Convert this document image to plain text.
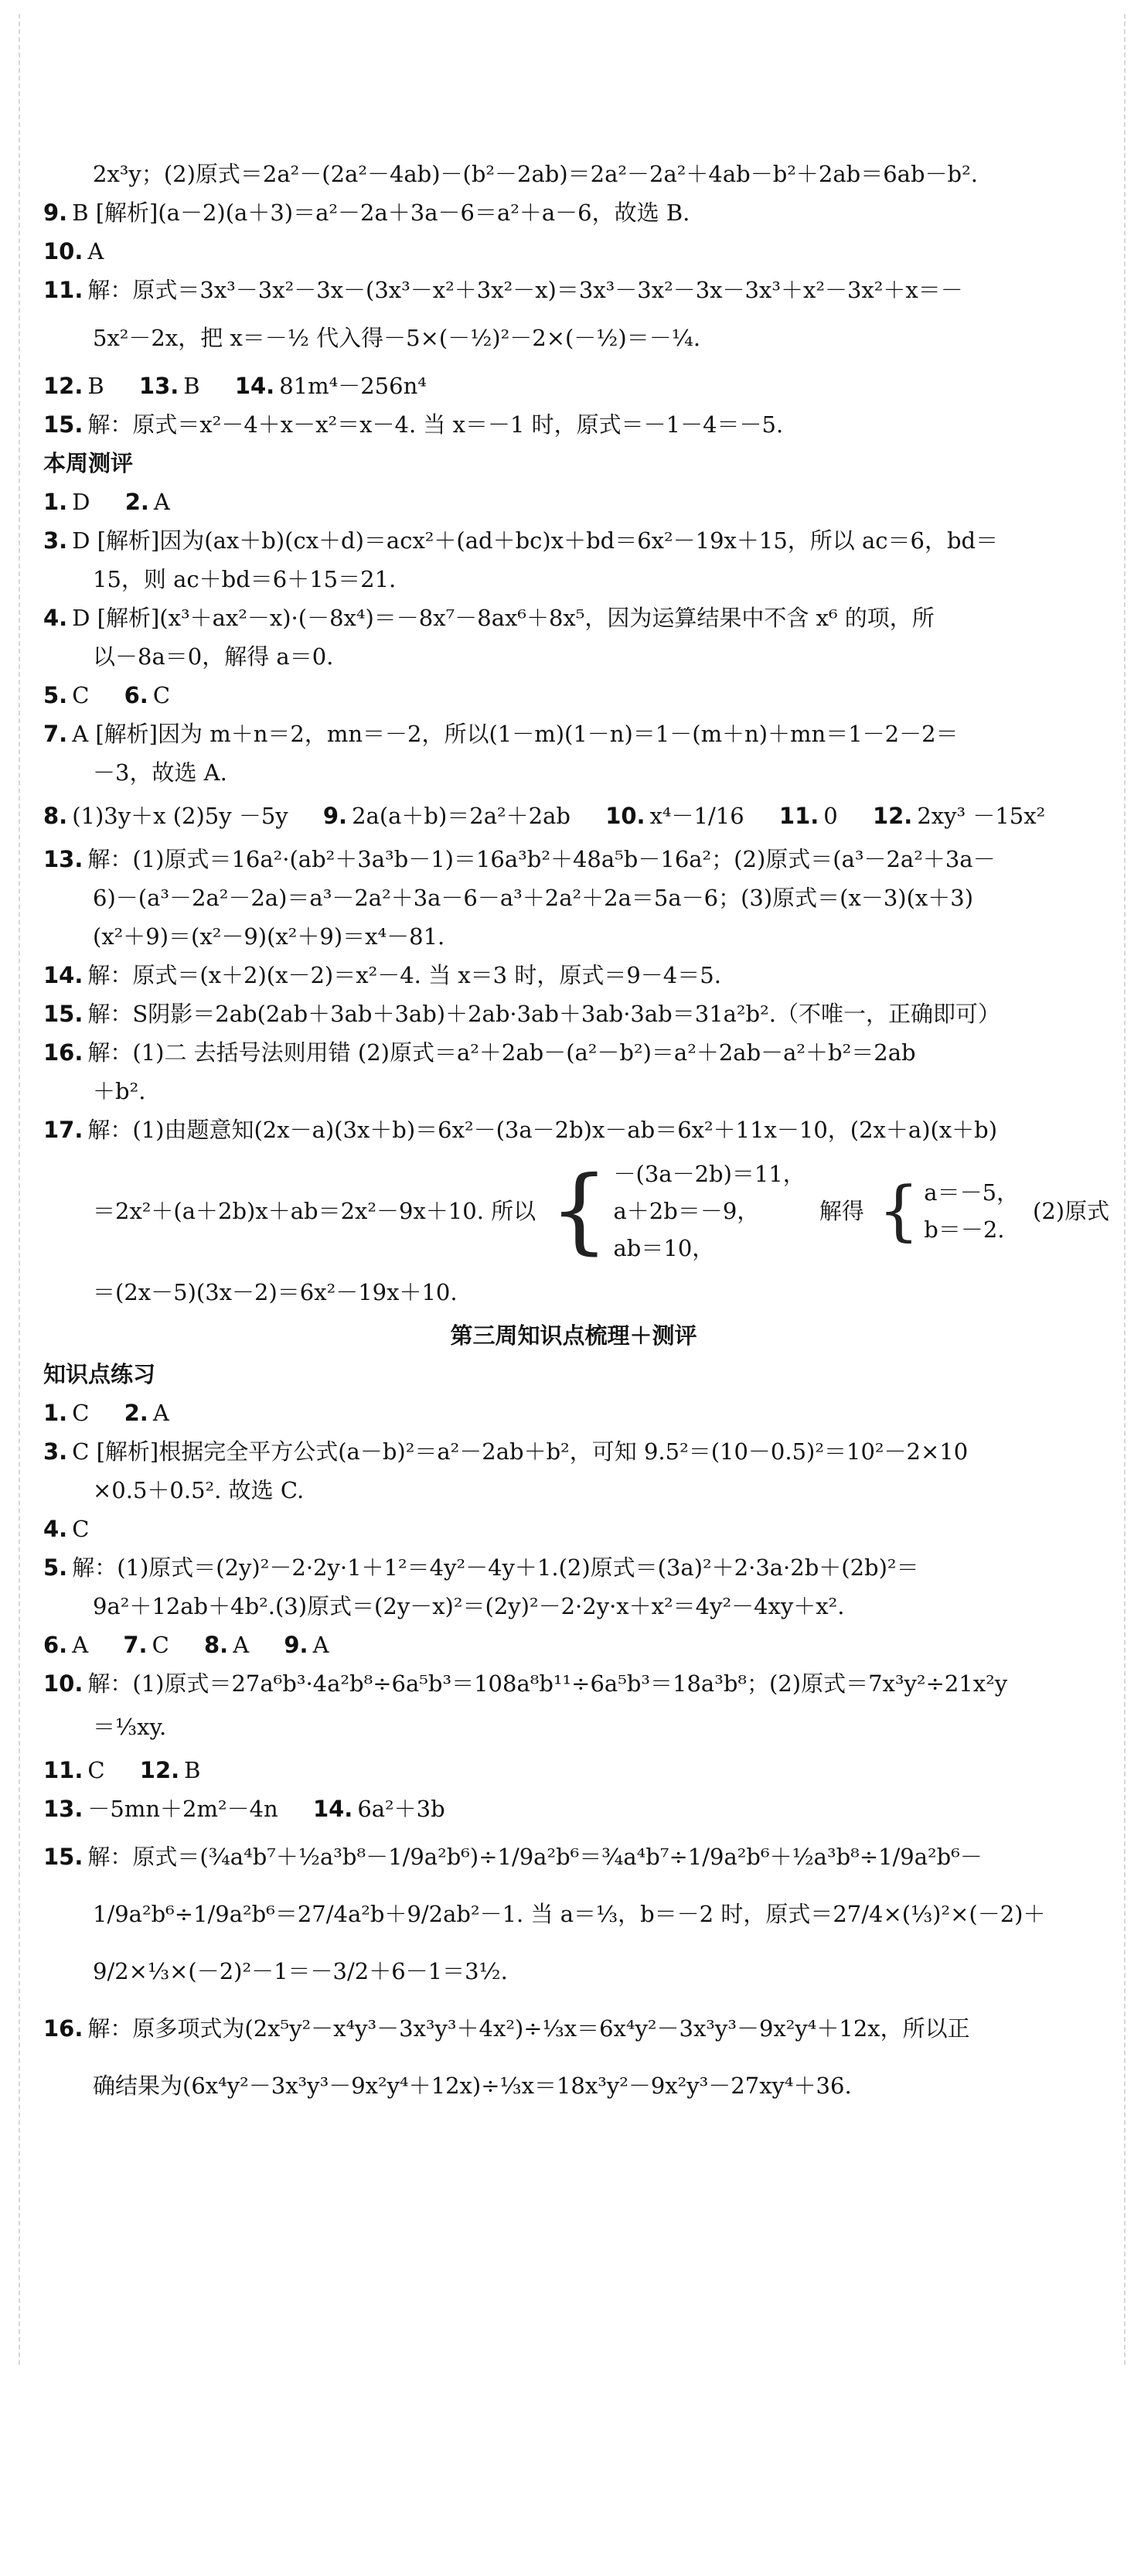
2x³y；(2)原式＝2a²－(2a²－4ab)－(b²－2ab)＝2a²－2a²＋4ab－b²＋2ab＝6ab－b².
9. B [解析](a－2)(a＋3)＝a²－2a＋3a－6＝a²＋a－6，故选 B.
10. A
11. 解：原式＝3x³－3x²－3x－(3x³－x²＋3x²－x)＝3x³－3x²－3x－3x³＋x²－3x²＋x＝－
5x²－2x，把 x＝－½ 代入得－5×(－½)²－2×(－½)＝－¼.
12. B 13. B 14. 81m⁴－256n⁴
15. 解：原式＝x²－4＋x－x²＝x－4. 当 x＝－1 时，原式＝－1－4＝－5.
本周测评
1. D 2. A
3. D [解析]因为(ax＋b)(cx＋d)＝acx²＋(ad＋bc)x＋bd＝6x²－19x＋15，所以 ac＝6，bd＝
15，则 ac＋bd＝6＋15＝21.
4. D [解析](x³＋ax²－x)·(－8x⁴)＝－8x⁷－8ax⁶＋8x⁵，因为运算结果中不含 x⁶ 的项，所
以－8a＝0，解得 a＝0.
5. C 6. C
7. A [解析]因为 m＋n＝2，mn＝－2，所以(1－m)(1－n)＝1－(m＋n)＋mn＝1－2－2＝
－3，故选 A.
8. (1)3y＋x (2)5y －5y 9. 2a(a＋b)＝2a²＋2ab 10. x⁴－1/16 11. 0 12. 2xy³ －15x²
13. 解：(1)原式＝16a²·(ab²＋3a³b－1)＝16a³b²＋48a⁵b－16a²；(2)原式＝(a³－2a²＋3a－
6)－(a³－2a²－2a)＝a³－2a²＋3a－6－a³＋2a²＋2a＝5a－6；(3)原式＝(x－3)(x＋3)
(x²＋9)＝(x²－9)(x²＋9)＝x⁴－81.
14. 解：原式＝(x＋2)(x－2)＝x²－4. 当 x＝3 时，原式＝9－4＝5.
15. 解：S阴影＝2ab(2ab＋3ab＋3ab)＋2ab·3ab＋3ab·3ab＝31a²b².（不唯一，正确即可）
16. 解：(1)二 去括号法则用错 (2)原式＝a²＋2ab－(a²－b²)＝a²＋2ab－a²＋b²＝2ab
＋b².
17. 解：(1)由题意知(2x－a)(3x＋b)＝6x²－(3a－2b)x－ab＝6x²＋11x－10，(2x＋a)(x＋b)
＝2x²＋(a＋2b)x＋ab＝2x²－9x＋10. 所以 { －(3a－2b)＝11，
a＋2b＝－9，
ab＝10，
解得 { a＝－5，
b＝－2.
(2)原式
＝(2x－5)(3x－2)＝6x²－19x＋10.
第三周知识点梳理＋测评
知识点练习
1. C 2. A
3. C [解析]根据完全平方公式(a－b)²＝a²－2ab＋b²，可知 9.5²＝(10－0.5)²＝10²－2×10
×0.5＋0.5². 故选 C.
4. C
5. 解：(1)原式＝(2y)²－2·2y·1＋1²＝4y²－4y＋1.(2)原式＝(3a)²＋2·3a·2b＋(2b)²＝
9a²＋12ab＋4b².(3)原式＝(2y－x)²＝(2y)²－2·2y·x＋x²＝4y²－4xy＋x².
6. A 7. C 8. A 9. A
10. 解：(1)原式＝27a⁶b³·4a²b⁸÷6a⁵b³＝108a⁸b¹¹÷6a⁵b³＝18a³b⁸；(2)原式＝7x³y²÷21x²y
＝⅓xy.
11. C 12. B
13. －5mn＋2m²－4n 14. 6a²＋3b
15. 解：原式＝(¾a⁴b⁷＋½a³b⁸－1/9a²b⁶)÷1/9a²b⁶＝¾a⁴b⁷÷1/9a²b⁶＋½a³b⁸÷1/9a²b⁶－
1/9a²b⁶÷1/9a²b⁶＝27/4a²b＋9/2ab²－1. 当 a＝⅓，b＝－2 时，原式＝27/4×(⅓)²×(－2)＋
9/2×⅓×(－2)²－1＝－3/2＋6－1＝3½.
16. 解：原多项式为(2x⁵y²－x⁴y³－3x³y³＋4x²)÷⅓x＝6x⁴y²－3x³y³－9x²y⁴＋12x，所以正
确结果为(6x⁴y²－3x³y³－9x²y⁴＋12x)÷⅓x＝18x³y²－9x²y³－27xy⁴＋36.
